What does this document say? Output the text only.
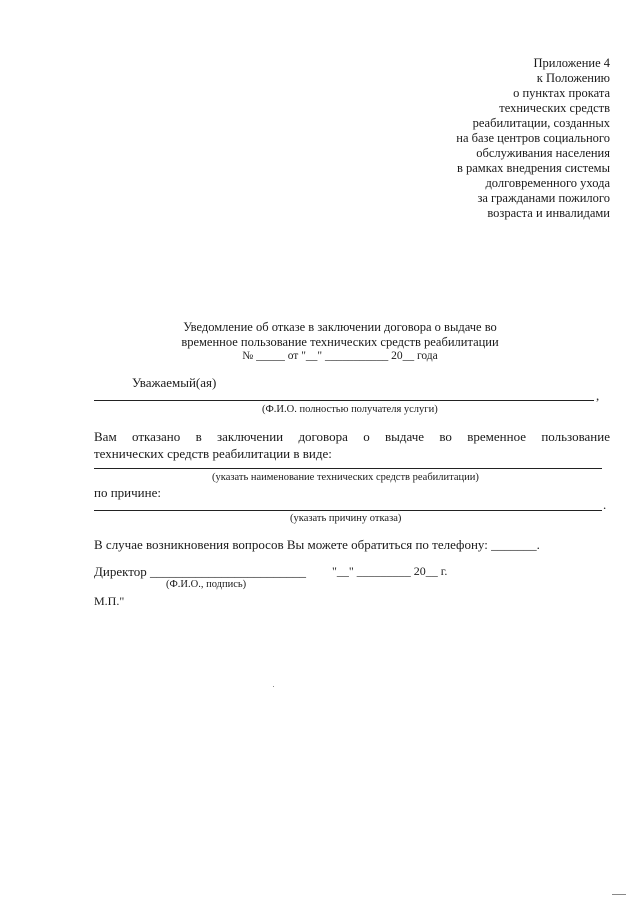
Приложение 4
к Положению
о пунктах проката
технических средств
реабилитации, созданных
на базе центров социального
обслуживания населения
в рамках внедрения системы
долговременного ухода
за гражданами пожилого
возраста и инвалидами
Уведомление об отказе в заключении договора о выдаче во
временное пользование технических средств реабилитации
№ _____ от "__" ___________ 20__ года
Уважаемый(ая)
,
(Ф.И.О. полностью получателя услуги)
Вам отказано в заключении договора о выдаче во временное пользование
технических средств реабилитации в виде:
(указать наименование технических средств реабилитации)
по причине:
.
(указать причину отказа)
В случае возникновения вопросов Вы можете обратиться по телефону: _______.
Директор ________________________ "__" _________ 20__ г.
(Ф.И.О., подпись)
М.П."
